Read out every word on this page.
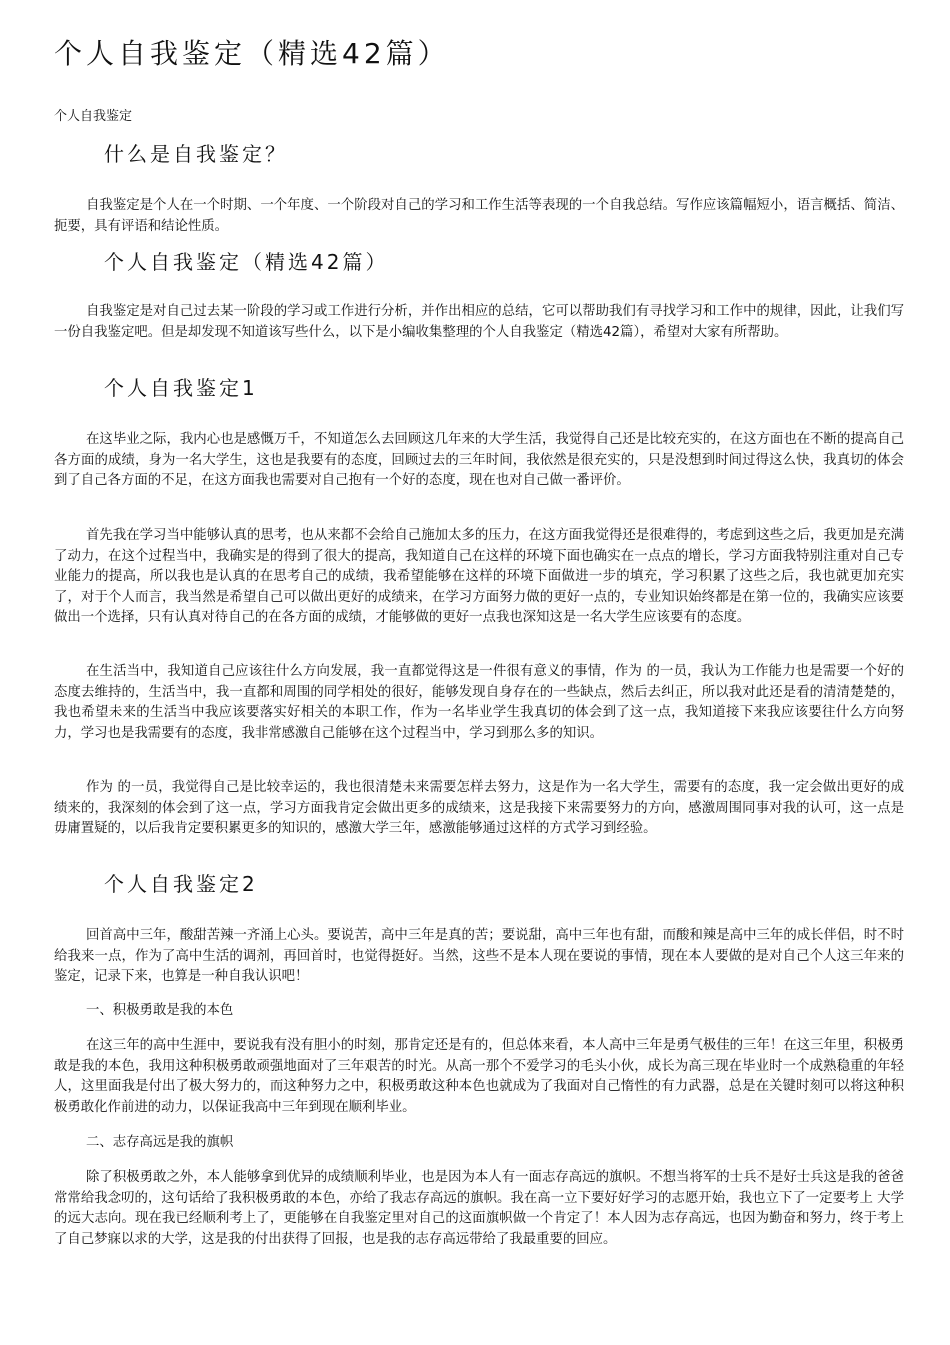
个人自我鉴定（精选42篇）

个人自我鉴定

什么是自我鉴定？

自我鉴定是个人在一个时期、一个年度、一个阶段对自己的学习和工作生活等表现的一个自我总结。写作应该篇幅短小，语言概括、简洁、扼要，具有评语和结论性质。

个人自我鉴定（精选42篇）

自我鉴定是对自己过去某一阶段的学习或工作进行分析，并作出相应的总结，它可以帮助我们有寻找学习和工作中的规律，因此，让我们写一份自我鉴定吧。但是却发现不知道该写些什么，以下是小编收集整理的个人自我鉴定（精选42篇），希望对大家有所帮助。

个人自我鉴定1

在这毕业之际，我内心也是感慨万千，不知道怎么去回顾这几年来的大学生活，我觉得自己还是比较充实的，在这方面也在不断的提高自己各方面的成绩，身为一名大学生，这也是我要有的态度，回顾过去的三年时间，我依然是很充实的，只是没想到时间过得这么快，我真切的体会到了自己各方面的不足，在这方面我也需要对自己抱有一个好的态度，现在也对自己做一番评价。

首先我在学习当中能够认真的思考，也从来都不会给自己施加太多的压力，在这方面我觉得还是很难得的，考虑到这些之后，我更加是充满了动力，在这个过程当中，我确实是的得到了很大的提高，我知道自己在这样的环境下面也确实在一点点的增长，学习方面我特别注重对自己专业能力的提高，所以我也是认真的在思考自己的成绩，我希望能够在这样的环境下面做进一步的填充，学习积累了这些之后，我也就更加充实了，对于个人而言，我当然是希望自己可以做出更好的成绩来，在学习方面努力做的更好一点的，专业知识始终都是在第一位的，我确实应该要做出一个选择，只有认真对待自己的在各方面的成绩，才能够做的更好一点我也深知这是一名大学生应该要有的态度。

在生活当中，我知道自己应该往什么方向发展，我一直都觉得这是一件很有意义的事情，作为 的一员，我认为工作能力也是需要一个好的态度去维持的，生活当中，我一直都和周围的同学相处的很好，能够发现自身存在的一些缺点，然后去纠正，所以我对此还是看的清清楚楚的，我也希望未来的生活当中我应该要落实好相关的本职工作，作为一名毕业学生我真切的体会到了这一点，我知道接下来我应该要往什么方向努力，学习也是我需要有的态度，我非常感激自己能够在这个过程当中，学习到那么多的知识。

作为 的一员，我觉得自己是比较幸运的，我也很清楚未来需要怎样去努力，这是作为一名大学生，需要有的态度，我一定会做出更好的成绩来的，我深刻的体会到了这一点，学习方面我肯定会做出更多的成绩来，这是我接下来需要努力的方向，感激周围同事对我的认可，这一点是毋庸置疑的，以后我肯定要积累更多的知识的，感激大学三年，感激能够通过这样的方式学习到经验。

个人自我鉴定2

回首高中三年，酸甜苦辣一齐涌上心头。要说苦，高中三年是真的苦；要说甜，高中三年也有甜，而酸和辣是高中三年的成长伴侣，时不时给我来一点，作为了高中生活的调剂，再回首时，也觉得挺好。当然，这些不是本人现在要说的事情，现在本人要做的是对自己个人这三年来的鉴定，记录下来，也算是一种自我认识吧！

一、积极勇敢是我的本色

在这三年的高中生涯中，要说我有没有胆小的时刻，那肯定还是有的，但总体来看，本人高中三年是勇气极佳的三年！在这三年里，积极勇敢是我的本色，我用这种积极勇敢顽强地面对了三年艰苦的时光。从高一那个不爱学习的毛头小伙，成长为高三现在毕业时一个成熟稳重的年轻人，这里面我是付出了极大努力的，而这种努力之中，积极勇敢这种本色也就成为了我面对自己惰性的有力武器，总是在关键时刻可以将这种积极勇敢化作前进的动力，以保证我高中三年到现在顺利毕业。

二、志存高远是我的旗帜

除了积极勇敢之外，本人能够拿到优异的成绩顺利毕业，也是因为本人有一面志存高远的旗帜。不想当将军的士兵不是好士兵这是我的爸爸常常给我念叨的，这句话给了我积极勇敢的本色，亦给了我志存高远的旗帜。我在高一立下要好好学习的志愿开始，我也立下了一定要考上 大学的远大志向。现在我已经顺利考上了，更能够在自我鉴定里对自己的这面旗帜做一个肯定了！本人因为志存高远，也因为勤奋和努力，终于考上了自己梦寐以求的大学，这是我的付出获得了回报，也是我的志存高远带给了我最重要的回应。
